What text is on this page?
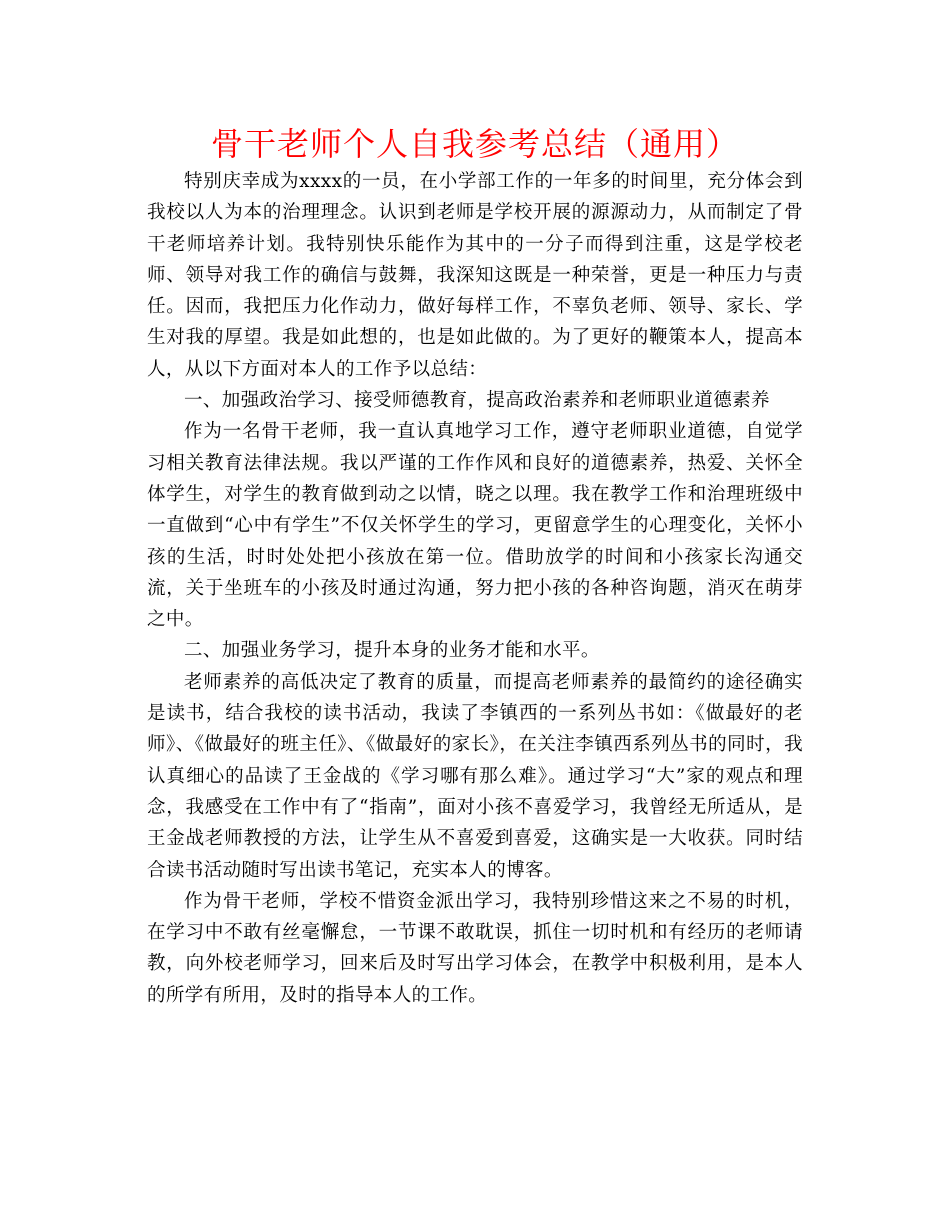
骨干老师个人自我参考总结（通用）

特别庆幸成为xxxx的一员，在小学部工作的一年多的时间里，充分体会到我校以人为本的治理理念。认识到老师是学校开展的源源动力，从而制定了骨干老师培养计划。我特别快乐能作为其中的一分子而得到注重，这是学校老师、领导对我工作的确信与鼓舞，我深知这既是一种荣誉，更是一种压力与责任。因而，我把压力化作动力，做好每样工作，不辜负老师、领导、家长、学生对我的厚望。我是如此想的，也是如此做的。为了更好的鞭策本人，提高本人，从以下方面对本人的工作予以总结：

一、加强政治学习、接受师德教育，提高政治素养和老师职业道德素养

作为一名骨干老师，我一直认真地学习工作，遵守老师职业道德，自觉学习相关教育法律法规。我以严谨的工作作风和良好的道德素养，热爱、关怀全体学生，对学生的教育做到动之以情，晓之以理。我在教学工作和治理班级中一直做到“心中有学生”不仅关怀学生的学习，更留意学生的心理变化，关怀小孩的生活，时时处处把小孩放在第一位。借助放学的时间和小孩家长沟通交流，关于坐班车的小孩及时通过沟通，努力把小孩的各种咨询题，消灭在萌芽之中。

二、加强业务学习，提升本身的业务才能和水平。

老师素养的高低决定了教育的质量，而提高老师素养的最简约的途径确实是读书，结合我校的读书活动，我读了李镇西的一系列丛书如：《做最好的老师》、《做最好的班主任》、《做最好的家长》，在关注李镇西系列丛书的同时，我认真细心的品读了王金战的《学习哪有那么难》。通过学习“大”家的观点和理念，我感受在工作中有了“指南”，面对小孩不喜爱学习，我曾经无所适从，是王金战老师教授的方法，让学生从不喜爱到喜爱，这确实是一大收获。同时结合读书活动随时写出读书笔记，充实本人的博客。

作为骨干老师，学校不惜资金派出学习，我特别珍惜这来之不易的时机，在学习中不敢有丝毫懈怠，一节课不敢耽误，抓住一切时机和有经历的老师请教，向外校老师学习，回来后及时写出学习体会，在教学中积极利用，是本人的所学有所用，及时的指导本人的工作。
